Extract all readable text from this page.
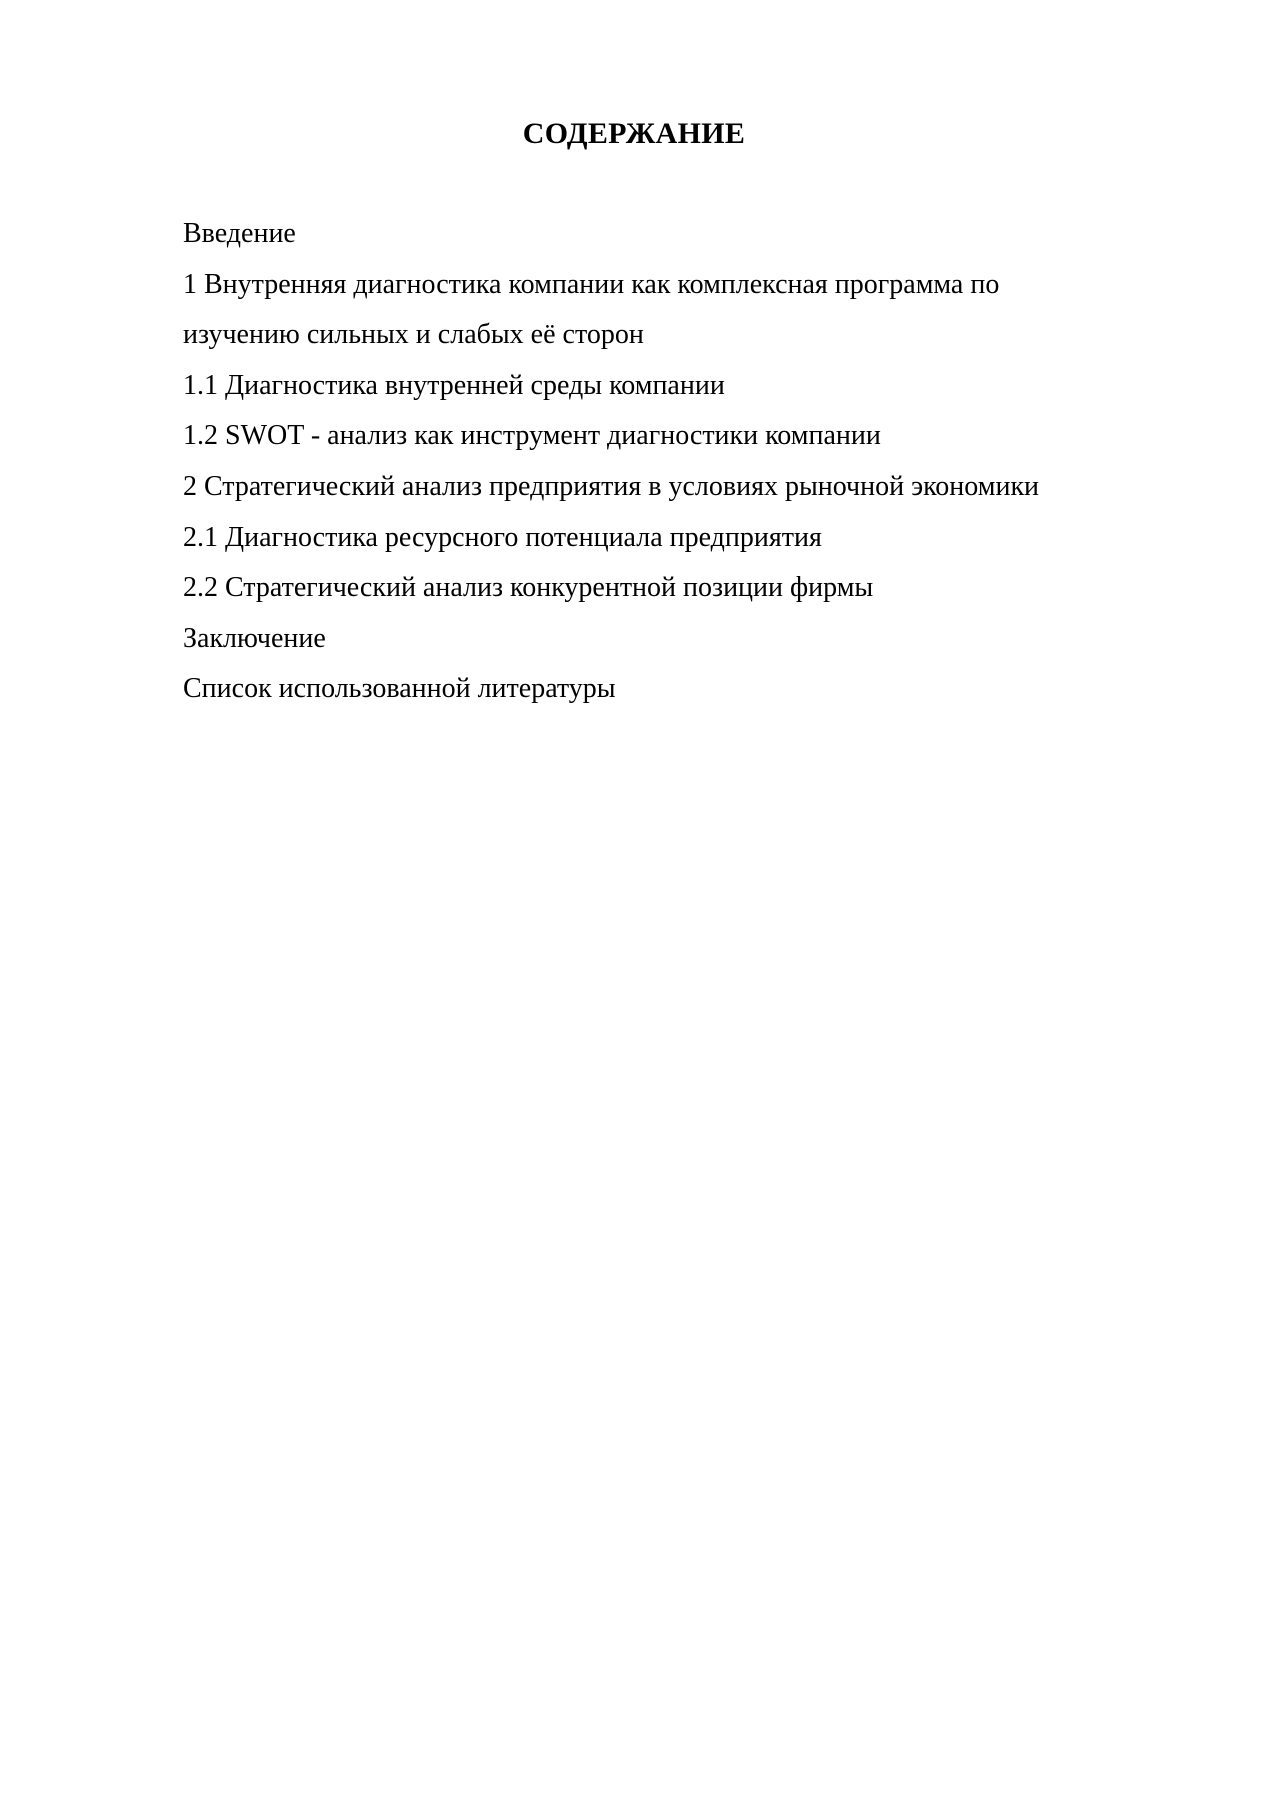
СОДЕРЖАНИЕ
Введение
1 Внутренняя диагностика компании как комплексная программа по
изучению сильных и слабых её сторон
1.1 Диагностика внутренней среды компании
1.2 SWOT - анализ как инструмент диагностики компании
2 Стратегический анализ предприятия в условиях рыночной экономики
2.1 Диагностика ресурсного потенциала предприятия
2.2 Стратегический анализ конкурентной позиции фирмы
Заключение
Список использованной литературы
